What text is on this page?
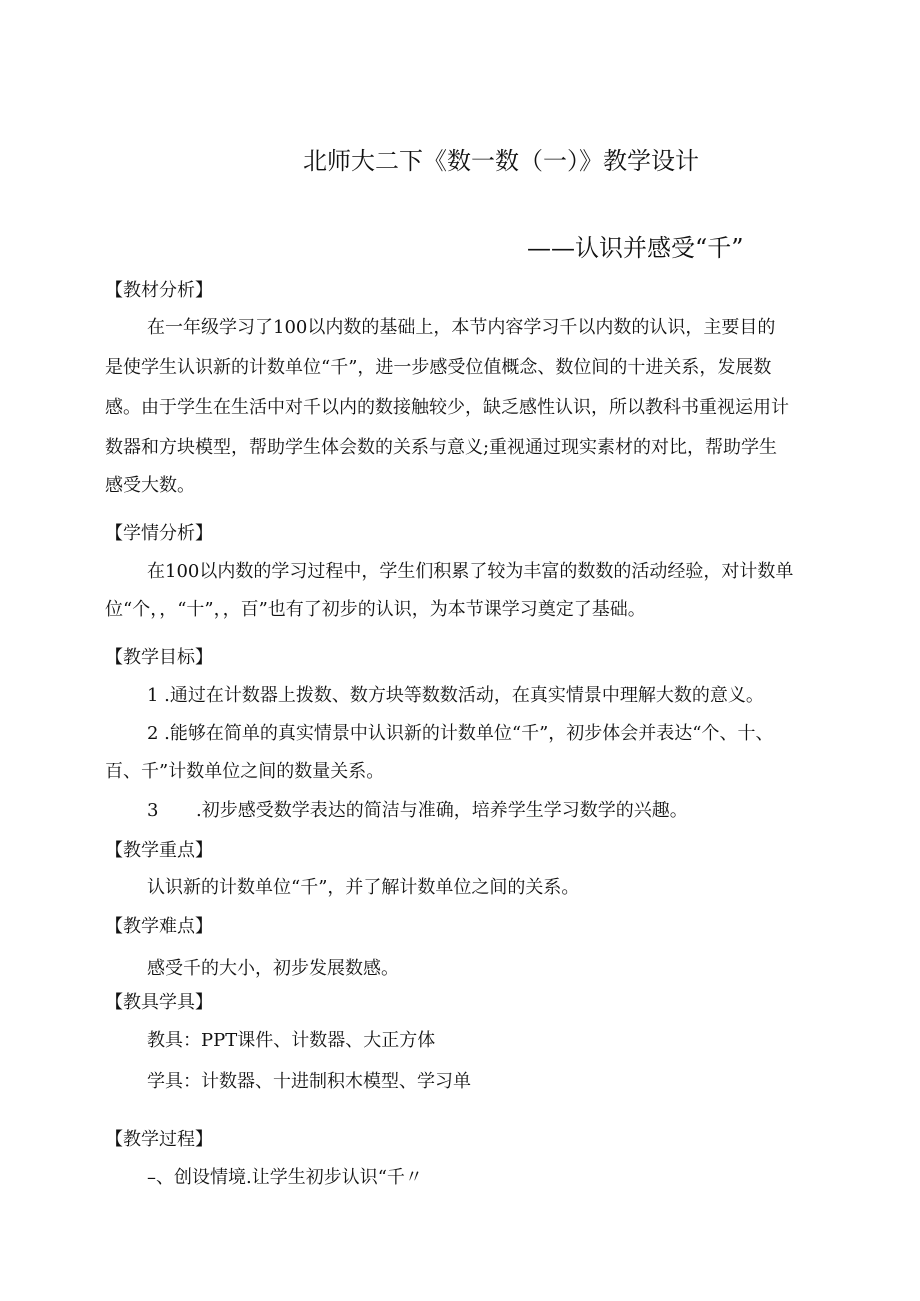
北师大二下《数一数（一）》教学设计
——认识并感受“千”
【教材分析】
在一年级学习了100以内数的基础上，本节内容学习千以内数的认识，主要目的
是使学生认识新的计数单位“千”，进一步感受位值概念、数位间的十进关系，发展数
感。由于学生在生活中对千以内的数接触较少，缺乏感性认识，所以教科书重视运用计
数器和方块模型，帮助学生体会数的关系与意义;重视通过现实素材的对比，帮助学生
感受大数。
【学情分析】
在100以内数的学习过程中，学生们积累了较为丰富的数数的活动经验，对计数单
位“个，，“十”，，百”也有了初步的认识，为本节课学习奠定了基础。
【教学目标】
1 .通过在计数器上拨数、数方块等数数活动，在真实情景中理解大数的意义。
2 .能够在简单的真实情景中认识新的计数单位“千”，初步体会并表达“个、十、
百、千”计数单位之间的数量关系。
3 .初步感受数学表达的简洁与准确，培养学生学习数学的兴趣。
【教学重点】
认识新的计数单位“千”，并了解计数单位之间的关系。
【教学难点】
感受千的大小，初步发展数感。
【教具学具】
教具：PPT课件、计数器、大正方体
学具：计数器、十进制积木模型、学习单
【教学过程】
–、创设情境.让学生初步认识“千〃
